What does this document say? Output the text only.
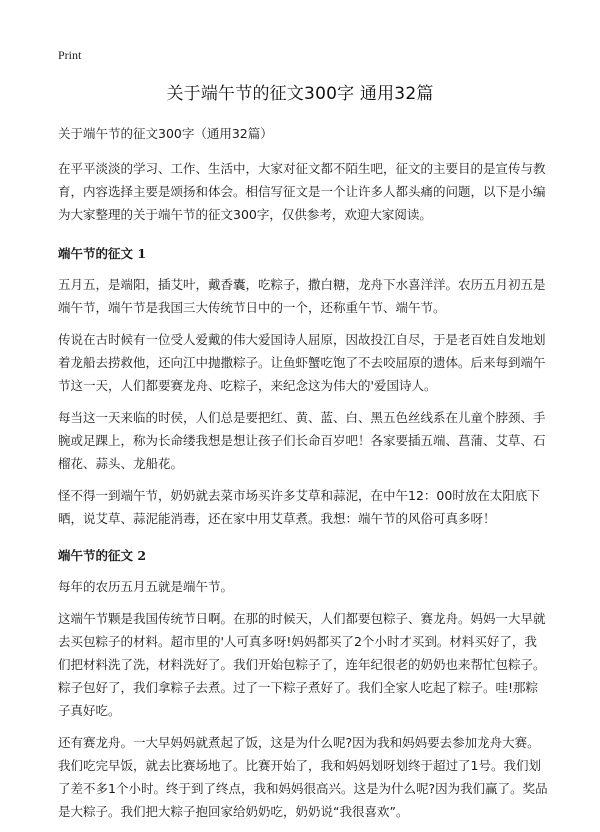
Print
关于端午节的征文300字 通用32篇

关于端午节的征文300字（通用32篇）

在平平淡淡的学习、工作、生活中，大家对征文都不陌生吧，征文的主要目的是宣传与教育，内容选择主要是颂扬和体会。相信写征文是一个让许多人都头痛的问题，以下是小编为大家整理的关于端午节的征文300字，仅供参考，欢迎大家阅读。

端午节的征文 1

五月五，是端阳，插艾叶，戴香囊，吃粽子，撒白糖，龙舟下水喜洋洋。农历五月初五是端午节，端午节是我国三大传统节日中的一个，还称重午节、端午节。

传说在古时候有一位受人爱戴的伟大爱国诗人屈原，因故投江自尽，于是老百姓自发地划着龙船去捞救他，还向江中抛撒粽子。让鱼虾蟹吃饱了不去咬屈原的遗体。后来每到端午节这一天，人们都要赛龙舟、吃粽子，来纪念这为伟大的'爱国诗人。

每当这一天来临的时侯，人们总是要把红、黄、蓝、白、黑五色丝线系在儿童个脖颈、手腕或足踝上，称为长命缕我想是想让孩子们长命百岁吧！各家要插五端、菖蒲、艾草、石榴花、蒜头、龙船花。

怪不得一到端午节，奶奶就去菜市场买许多艾草和蒜泥，在中午12：00时放在太阳底下晒，说艾草、蒜泥能消毒，还在家中用艾草煮。我想：端午节的风俗可真多呀！

端午节的征文 2

每年的农历五月五就是端午节。

这端午节颗是我国传统节日啊。在那的时候天，人们都要包粽子、赛龙舟。妈妈一大早就去买包粽子的材料。超市里的'人可真多呀!妈妈都买了2个小时才买到。材料买好了，我们把材料洗了洗，材料洗好了。我们开始包粽子了，连年纪很老的奶奶也来帮忙包粽子。粽子包好了，我们拿粽子去煮。过了一下粽子煮好了。我们全家人吃起了粽子。哇!那粽子真好吃。

还有赛龙舟。一大早妈妈就煮起了饭，这是为什么呢?因为我和妈妈要去参加龙舟大赛。我们吃完早饭，就去比赛场地了。比赛开始了，我和妈妈划呀划终于超过了1号。我们划了差不多1个小时。终于到了终点，我和妈妈很高兴。这是为什么呢?因为我们赢了。奖品是大粽子。我们把大粽子抱回家给奶奶吃，奶奶说“我很喜欢”。
